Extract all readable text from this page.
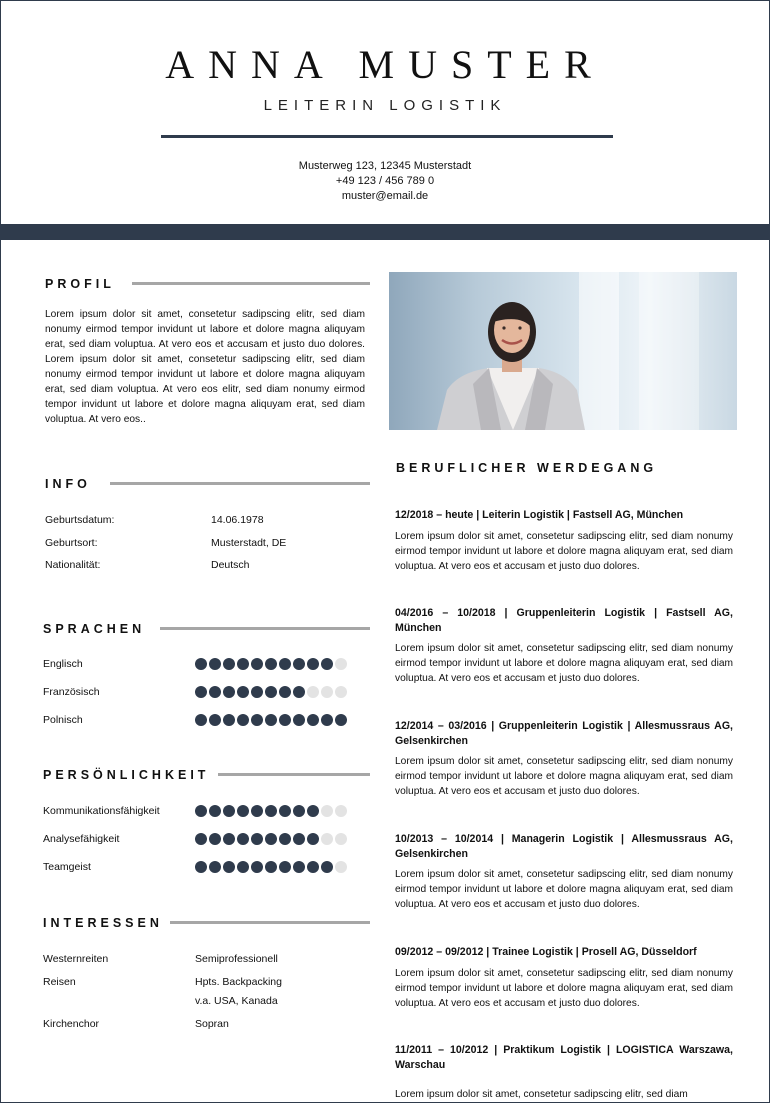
ANNA MUSTER
LEITERIN LOGISTIK
Musterweg 123, 12345 Musterstadt
+49 123 / 456 789 0
muster@email.de
PROFIL
Lorem ipsum dolor sit amet, consetetur sadipscing elitr, sed diam nonumy eirmod tempor invidunt ut labore et dolore magna aliquyam erat, sed diam voluptua. At vero eos et accusam et justo duo dolores. Lorem ipsum dolor sit amet, consetetur sadipscing elitr, sed diam nonumy eirmod tempor invidunt ut labore et dolore magna aliquyam erat, sed diam voluptua. At vero eos elitr, sed diam nonumy eirmod tempor invidunt ut labore et dolore magna aliquyam erat, sed diam voluptua. At vero eos..
INFO
Geburtsdatum:	14.06.1978
Geburtsort:	Musterstadt, DE
Nationalität:	Deutsch
SPRACHEN
Englisch
Französisch
Polnisch
PERSÖNLICHKEIT
Kommunikationsfähigkeit
Analysefähigkeit
Teamgeist
INTERESSEN
Westernreiten	Semiprofessionell
Reisen	Hpts. Backpacking
v.a. USA, Kanada
Kirchenchor	Sopran
BERUFLICHER WERDEGANG
12/2018 – heute | Leiterin Logistik | Fastsell AG, München
Lorem ipsum dolor sit amet, consetetur sadipscing elitr, sed diam nonumy eirmod tempor invidunt ut labore et dolore magna aliquyam erat, sed diam voluptua. At vero eos et accusam et justo duo dolores.
04/2016 – 10/2018 | Gruppenleiterin Logistik | Fastsell AG, München
Lorem ipsum dolor sit amet, consetetur sadipscing elitr, sed diam nonumy eirmod tempor invidunt ut labore et dolore magna aliquyam erat, sed diam voluptua. At vero eos et accusam et justo duo dolores.
12/2014 – 03/2016 | Gruppenleiterin Logistik | Allesmussraus AG, Gelsenkirchen
Lorem ipsum dolor sit amet, consetetur sadipscing elitr, sed diam nonumy eirmod tempor invidunt ut labore et dolore magna aliquyam erat, sed diam voluptua. At vero eos et accusam et justo duo dolores.
10/2013 – 10/2014 | Managerin Logistik | Allesmussraus AG, Gelsenkirchen
Lorem ipsum dolor sit amet, consetetur sadipscing elitr, sed diam nonumy eirmod tempor invidunt ut labore et dolore magna aliquyam erat, sed diam voluptua. At vero eos et accusam et justo duo dolores.
09/2012 – 09/2012 | Trainee Logistik | Prosell AG, Düsseldorf
Lorem ipsum dolor sit amet, consetetur sadipscing elitr, sed diam nonumy eirmod tempor invidunt ut labore et dolore magna aliquyam erat, sed diam voluptua. At vero eos et accusam et justo duo dolores.
11/2011 – 10/2012 | Praktikum Logistik | LOGISTICA Warszawa, Warschau
Lorem ipsum dolor sit amet, consetetur sadipscing elitr, sed diam
